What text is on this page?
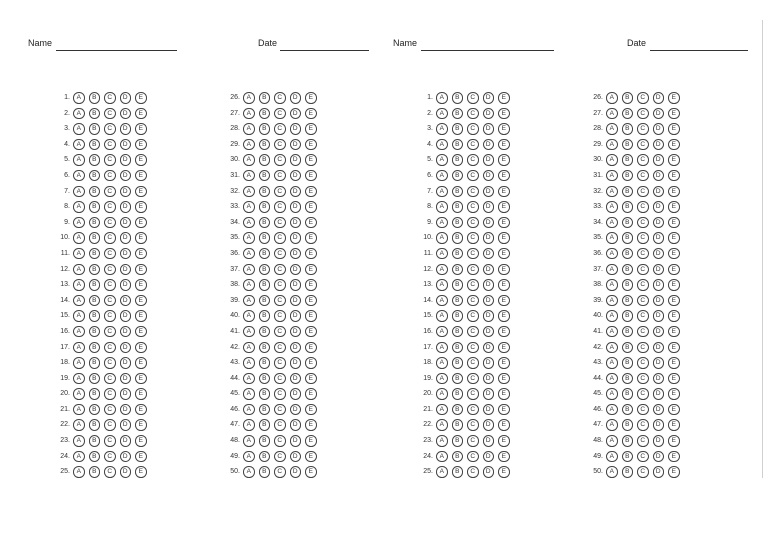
Name	Date
1.	A	B	C	D	E
2.	A	B	C	D	E
3.	A	B	C	D	E
4.	A	B	C	D	E
5.	A	B	C	D	E
6.	A	B	C	D	E
7.	A	B	C	D	E
8.	A	B	C	D	E
9.	A	B	C	D	E
10.	A	B	C	D	E
11.	A	B	C	D	E
12.	A	B	C	D	E
13.	A	B	C	D	E
14.	A	B	C	D	E
15.	A	B	C	D	E
16.	A	B	C	D	E
17.	A	B	C	D	E
18.	A	B	C	D	E
19.	A	B	C	D	E
20.	A	B	C	D	E
21.	A	B	C	D	E
22.	A	B	C	D	E
23.	A	B	C	D	E
24.	A	B	C	D	E
25.	A	B	C	D	E
26.	A	B	C	D	E
27.	A	B	C	D	E
28.	A	B	C	D	E
29.	A	B	C	D	E
30.	A	B	C	D	E
31.	A	B	C	D	E
32.	A	B	C	D	E
33.	A	B	C	D	E
34.	A	B	C	D	E
35.	A	B	C	D	E
36.	A	B	C	D	E
37.	A	B	C	D	E
38.	A	B	C	D	E
39.	A	B	C	D	E
40.	A	B	C	D	E
41.	A	B	C	D	E
42.	A	B	C	D	E
43.	A	B	C	D	E
44.	A	B	C	D	E
45.	A	B	C	D	E
46.	A	B	C	D	E
47.	A	B	C	D	E
48.	A	B	C	D	E
49.	A	B	C	D	E
50.	A	B	C	D	E
Name	Date
1.	A	B	C	D	E
2.	A	B	C	D	E
3.	A	B	C	D	E
4.	A	B	C	D	E
5.	A	B	C	D	E
6.	A	B	C	D	E
7.	A	B	C	D	E
8.	A	B	C	D	E
9.	A	B	C	D	E
10.	A	B	C	D	E
11.	A	B	C	D	E
12.	A	B	C	D	E
13.	A	B	C	D	E
14.	A	B	C	D	E
15.	A	B	C	D	E
16.	A	B	C	D	E
17.	A	B	C	D	E
18.	A	B	C	D	E
19.	A	B	C	D	E
20.	A	B	C	D	E
21.	A	B	C	D	E
22.	A	B	C	D	E
23.	A	B	C	D	E
24.	A	B	C	D	E
25.	A	B	C	D	E
26.	A	B	C	D	E
27.	A	B	C	D	E
28.	A	B	C	D	E
29.	A	B	C	D	E
30.	A	B	C	D	E
31.	A	B	C	D	E
32.	A	B	C	D	E
33.	A	B	C	D	E
34.	A	B	C	D	E
35.	A	B	C	D	E
36.	A	B	C	D	E
37.	A	B	C	D	E
38.	A	B	C	D	E
39.	A	B	C	D	E
40.	A	B	C	D	E
41.	A	B	C	D	E
42.	A	B	C	D	E
43.	A	B	C	D	E
44.	A	B	C	D	E
45.	A	B	C	D	E
46.	A	B	C	D	E
47.	A	B	C	D	E
48.	A	B	C	D	E
49.	A	B	C	D	E
50.	A	B	C	D	E
